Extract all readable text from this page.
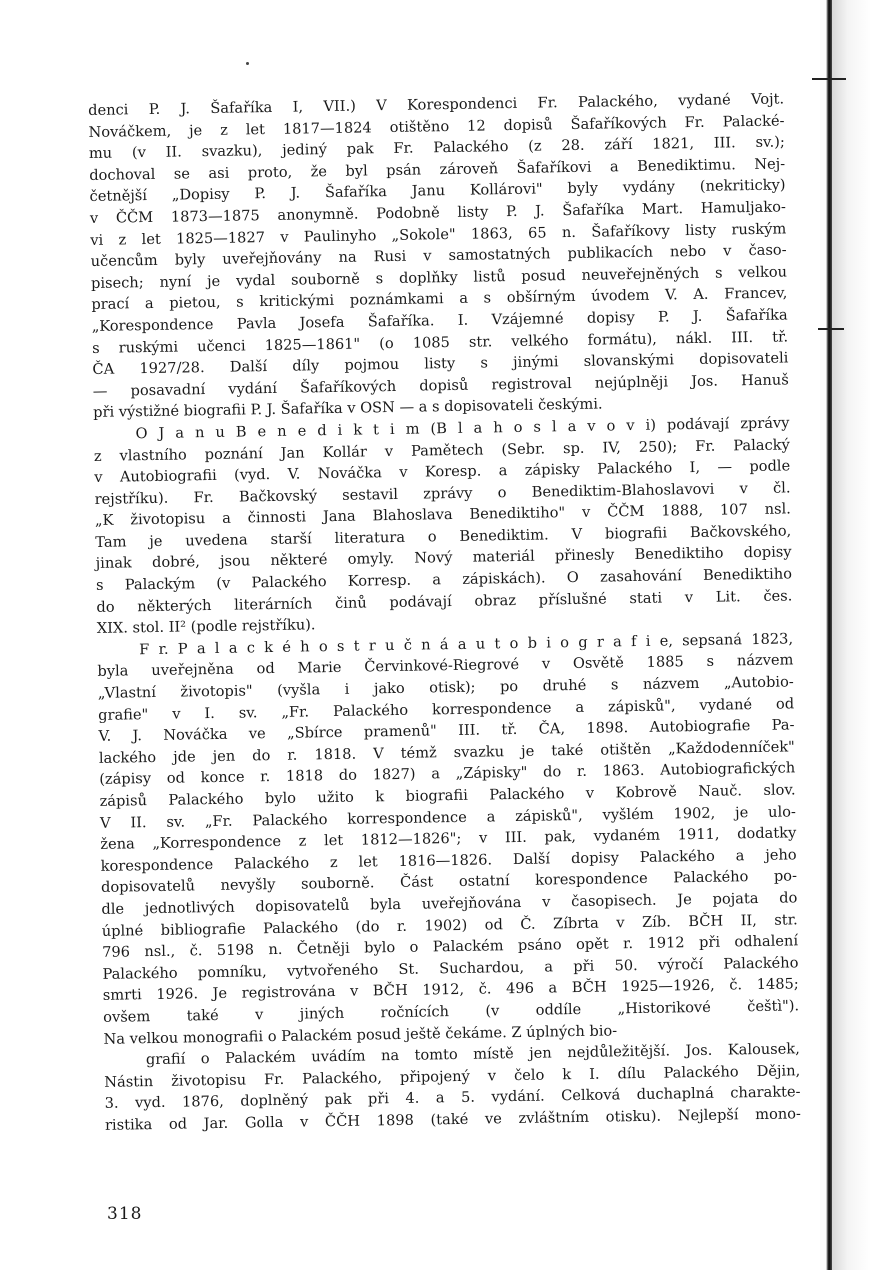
denci P. J. Šafaříka I, VII.) V Korespondenci Fr. Palackého, vydané Vojt.
Nováčkem, je z let 1817—1824 otištěno 12 dopisů Šafaříkových Fr. Palacké-
mu (v II. svazku), jediný pak Fr. Palackého (z 28. září 1821, III. sv.);
dochoval se asi proto, že byl psán zároveň Šafaříkovi a Benediktimu. Nej-
četnější „Dopisy P. J. Šafaříka Janu Kollárovi" byly vydány (nekriticky)
v ČČM 1873—1875 anonymně. Podobně listy P. J. Šafaříka Mart. Hamuljako-
vi z let 1825—1827 v Paulinyho „Sokole" 1863, 65 n. Šafaříkovy listy ruským
učencům byly uveřejňovány na Rusi v samostatných publikacích nebo v časo-
pisech; nyní je vydal souborně s doplňky listů posud neuveřejněných s velkou
prací a pietou, s kritickými poznámkami a s obšírným úvodem V. A. Francev,
„Korespondence Pavla Josefa Šafaříka. I. Vzájemné dopisy P. J. Šafaříka
s ruskými učenci 1825—1861" (o 1085 str. velkého formátu), nákl. III. tř.
ČA 1927/28. Další díly pojmou listy s jinými slovanskými dopisovateli
— posavadní vydání Šafaříkových dopisů registroval nejúplněji Jos. Hanuš
při výstižné biografii P. J. Šafaříka v OSN — a s dopisovateli českými.
O J a n u B e n e d i k t i m (B l a h o s l a v o v i) podávají zprávy
z vlastního poznání Jan Kollár v Pamětech (Sebr. sp. IV, 250); Fr. Palacký
v Autobiografii (vyd. V. Nováčka v Koresp. a zápisky Palackého I, — podle
rejstříku). Fr. Bačkovský sestavil zprávy o Benediktim-Blahoslavovi v čl.
„K životopisu a činnosti Jana Blahoslava Benediktiho" v ČČM 1888, 107 nsl.
Tam je uvedena starší literatura o Benediktim. V biografii Bačkovského,
jinak dobré, jsou některé omyly. Nový materiál přinesly Benediktiho dopisy
s Palackým (v Palackého Korresp. a zápiskách). O zasahování Benediktiho
do některých literárních činů podávají obraz příslušné stati v Lit. čes.
XIX. stol. II² (podle rejstříku).
F r. P a l a c k é h o s t r u č n á a u t o b i o g r a f i e, sepsaná 1823,
byla uveřejněna od Marie Červinkové-Riegrové v Osvětě 1885 s názvem
„Vlastní životopis" (vyšla i jako otisk); po druhé s názvem „Autobio-
grafie" v I. sv. „Fr. Palackého korrespondence a zápisků", vydané od
V. J. Nováčka ve „Sbírce pramenů" III. tř. ČA, 1898. Autobiografie Pa-
lackého jde jen do r. 1818. V témž svazku je také otištěn „Každodenníček"
(zápisy od konce r. 1818 do 1827) a „Zápisky" do r. 1863. Autobiografických
zápisů Palackého bylo užito k biografii Palackého v Kobrově Nauč. slov.
V II. sv. „Fr. Palackého korrespondence a zápisků", vyšlém 1902, je ulo-
žena „Korrespondence z let 1812—1826"; v III. pak, vydaném 1911, dodatky
korespondence Palackého z let 1816—1826. Další dopisy Palackého a jeho
dopisovatelů nevyšly souborně. Část ostatní korespondence Palackého po-
dle jednotlivých dopisovatelů byla uveřejňována v časopisech. Je pojata do
úplné bibliografie Palackého (do r. 1902) od Č. Zíbrta v Zíb. BČH II, str.
796 nsl., č. 5198 n. Četněji bylo o Palackém psáno opět r. 1912 při odhalení
Palackého pomníku, vytvořeného St. Suchardou, a při 50. výročí Palackého
smrti 1926. Je registrována v BČH 1912, č. 496 a BČH 1925—1926, č. 1485;
ovšem také v jiných ročnících (v oddíle „Historikové češtì").
Na velkou monografii o Palackém posud ještě čekáme. Z úplných bio-
grafií o Palackém uvádím na tomto místě jen nejdůležitější. Jos. Kalousek,
Nástin životopisu Fr. Palackého, připojený v čelo k I. dílu Palackého Dějin,
3. vyd. 1876, doplněný pak při 4. a 5. vydání. Celková duchaplná charakte-
ristika od Jar. Golla v ČČH 1898 (také ve zvláštním otisku). Nejlepší mono-
318
